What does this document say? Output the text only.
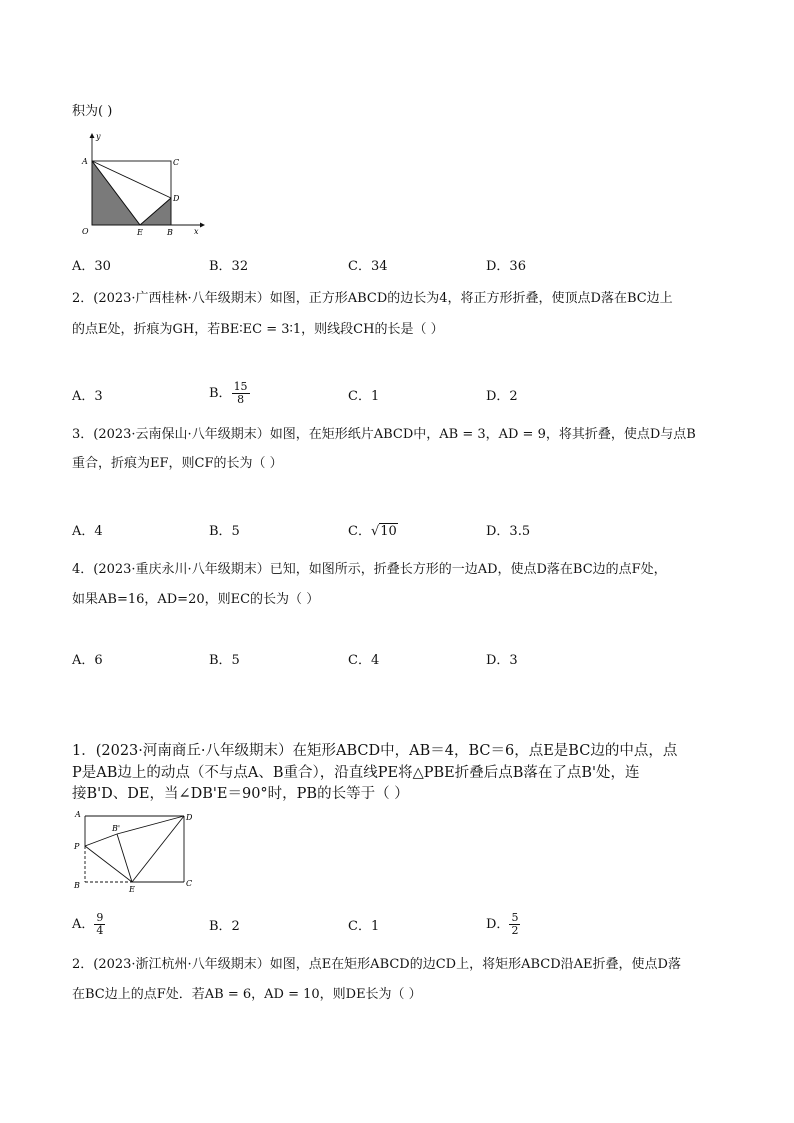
积为( )
y
A	C
D
O	E	B	x
A．30	B．32	C．34	D．36
2．(2023·广西桂林·八年级期末）如图，正方形ABCD的边长为4，将正方形折叠，使顶点D落在BC边上
的点E处，折痕为GH，若BE∶EC = 3∶1，则线段CH的长是（ ）
A．3	B． $\frac{15}{8}$	C．1	D．2
3．(2023·云南保山·八年级期末）如图，在矩形纸片ABCD中，AB = 3，AD = 9，将其折叠，使点D与点B
重合，折痕为EF，则CF的长为（ ）
A．4	B．5	C．√10	D．3.5
4．(2023·重庆永川·八年级期末）已知，如图所示，折叠长方形的一边AD，使点D落在BC边的点F处，
如果AB=16，AD=20，则EC的长为（ ）
A．6	B．5	C．4	D．3
1．(2023·河南商丘·八年级期末）在矩形ABCD中，AB＝4，BC＝6，点E是BC边的中点，点
P是AB边上的动点（不与点A、B重合），沿直线PE将△PBE折叠后点B落在了点B'处，连
接B'D、DE，当∠DB'E＝90°时，PB的长等于（ ）
A
B'
D
P
B	E
C
A． $\frac{9}{4}$	B．2	C．1	D． $\frac{5}{2}$
2．(2023·浙江杭州·八年级期末）如图，点E在矩形ABCD的边CD上，将矩形ABCD沿AE折叠，使点D落
在BC边上的点F处．若AB = 6，AD = 10，则DE长为（ ）
